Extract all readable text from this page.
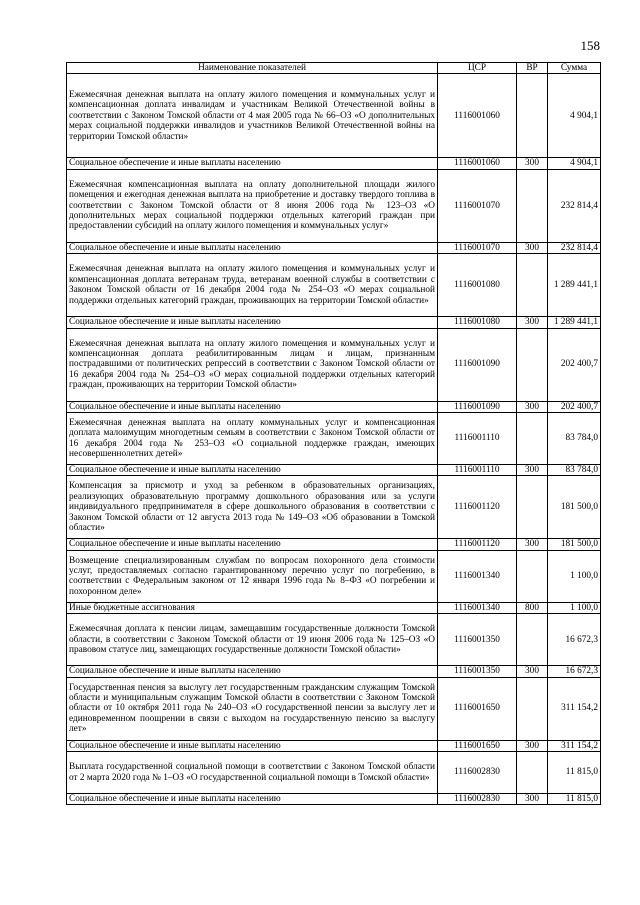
158
Наименование показателей	ЦСР	ВР	Сумма
Ежемесячная денежная выплата на оплату жилого помещения и коммунальных услуг и компенсационная доплата инвалидам и участникам Великой Отечественной войны в соответствии с Законом Томской области от 4 мая 2005 года № 66–ОЗ «О дополнительных мерах социальной поддержки инвалидов и участников Великой Отечественной войны на территории Томской области»	1116001060		4 904,1
Социальное обеспечение и иные выплаты населению	1116001060	300	4 904,1
Ежемесячная компенсационная выплата на оплату дополнительной площади жилого помещения и ежегодная денежная выплата на приобретение и доставку твердого топлива в соответствии с Законом Томской области от 8 июня 2006 года № 123–ОЗ «О дополнительных мерах социальной поддержки отдельных категорий граждан при предоставлении субсидий на оплату жилого помещения и коммунальных услуг»	1116001070		232 814,4
Социальное обеспечение и иные выплаты населению	1116001070	300	232 814,4
Ежемесячная денежная выплата на оплату жилого помещения и коммунальных услуг и компенсационная доплата ветеранам труда, ветеранам военной службы в соответствии с Законом Томской области от 16 декабря 2004 года № 254–ОЗ «О мерах социальной поддержки отдельных категорий граждан, проживающих на территории Томской области»	1116001080		1 289 441,1
Социальное обеспечение и иные выплаты населению	1116001080	300	1 289 441,1
Ежемесячная денежная выплата на оплату жилого помещения и коммунальных услуг и компенсационная доплата реабилитированным лицам и лицам, признанным пострадавшими от политических репрессий в соответствии с Законом Томской области от 16 декабря 2004 года № 254–ОЗ «О мерах социальной поддержки отдельных категорий граждан, проживающих на территории Томской области»	1116001090		202 400,7
Социальное обеспечение и иные выплаты населению	1116001090	300	202 400,7
Ежемесячная денежная выплата на оплату коммунальных услуг и компенсационная доплата малоимущим многодетным семьям в соответствии с Законом Томской области от 16 декабря 2004 года № 253–ОЗ «О социальной поддержке граждан, имеющих несовершеннолетних детей»	1116001110		83 784,0
Социальное обеспечение и иные выплаты населению	1116001110	300	83 784,0
Компенсация за присмотр и уход за ребенком в образовательных организациях, реализующих образовательную программу дошкольного образования или за услуги индивидуального предпринимателя в сфере дошкольного образования в соответствии с Законом Томской области от 12 августа 2013 года № 149–ОЗ «Об образовании в Томской области»	1116001120		181 500,0
Социальное обеспечение и иные выплаты населению	1116001120	300	181 500,0
Возмещение специализированным службам по вопросам похоронного дела стоимости услуг, предоставляемых согласно гарантированному перечню услуг по погребению, в соответствии с Федеральным законом от 12 января 1996 года № 8–ФЗ «О погребении и похоронном деле»	1116001340		1 100,0
Иные бюджетные ассигнования	1116001340	800	1 100,0
Ежемесячная доплата к пенсии лицам, замещавшим государственные должности Томской области, в соответствии с Законом Томской области от 19 июня 2006 года № 125–ОЗ «О правовом статусе лиц, замещающих государственные должности Томской области»	1116001350		16 672,3
Социальное обеспечение и иные выплаты населению	1116001350	300	16 672,3
Государственная пенсия за выслугу лет государственным гражданским служащим Томской области и муниципальным служащим Томской области в соответствии с Законом Томской области от 10 октября 2011 года № 240–ОЗ «О государственной пенсии за выслугу лет и единовременном поощрении в связи с выходом на государственную пенсию за выслугу лет»	1116001650		311 154,2
Социальное обеспечение и иные выплаты населению	1116001650	300	311 154,2
Выплата государственной социальной помощи в соответствии с Законом Томской области от 2 марта 2020 года № 1–ОЗ «О государственной социальной помощи в Томской области»	1116002830		11 815,0
Социальное обеспечение и иные выплаты населению	1116002830	300	11 815,0
